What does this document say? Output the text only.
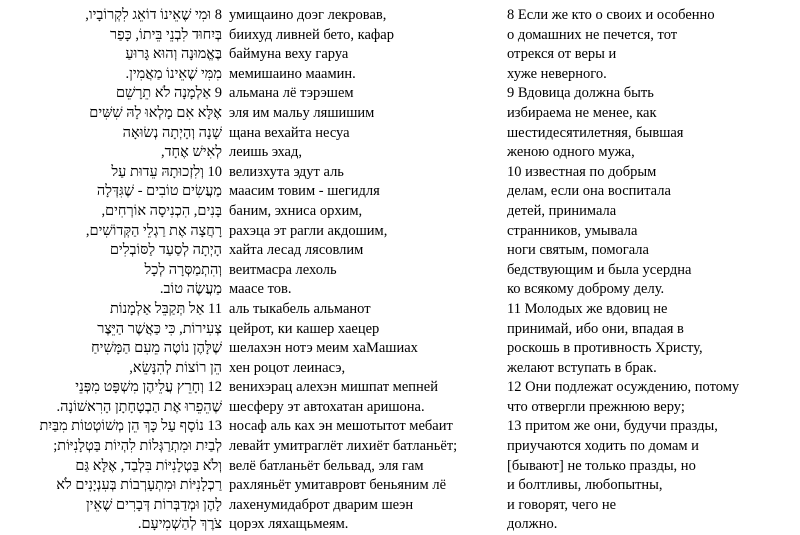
8 וּמִי שֶׁאֵינוֹ דוֹאֵג לִקְרוֹבָיו,
בְּיִחוּד לִבְנֵי בֵּיתוֹ, כָּפַר
בֶּאֱמוּנָה וְהוּא גָּרוּעַ
מִמִּי שֶׁאֵינוֹ מַאֲמִין.
9 אַלְמָנָה לֹא תֵרָשֵׁם
אֶלָּא אִם מָלְאוּ לָהּ שִׁשִּׁים
שָׁנָה וְהָיְתָה נְשׂוּאָה
לְאִישׁ אֶחָד,
10 וְלִזְכוּתָהּ עֵדוּת עַל
מַעֲשִׂים טוֹבִים - שֶׁגִּדְּלָה
בָּנִים, הִכְנִיסָה אוֹרְחִים,
רָחֲצָה אֶת רַגְלֵי הַקְּדוֹשִׁים,
הָיְתָה לְסַעַד לַסּוֹבְלִים
וְהִתְמַסְּרָה לְכָל
מַעֲשֶׂה טוֹב.
11 אַל תְּקַבֵּל אַלְמָנוֹת
צְעִירוֹת, כִּי כַּאֲשֶׁר הַיֵּצֶר
שֶׁלָּהֶן נוֹטֶה מֵעִם הַמָּשִׁיחַ
הֵן רוֹצוֹת לְהִנָּשֵׂא,
12 וְחָרֵץ עֲלֵיהֶן מִשְׁפָּט מִפְּנֵי
שֶׁהֵפֵרוּ אֶת הַבְטָחָתָן הָרִאשׁוֹנָה.
13 נוֹסָף עַל כָּךְ הֵן מְשׁוֹטְטוֹת מִבַּיִת
לְבַיִת וּמִתְרַגְּלוֹת לִהְיוֹת בַּטְלָנִיּוֹת;
וְלֹא בַּטְלָנִיּוֹת בִּלְבַד, אֶלָּא גַּם
רַכְלָנִיּוֹת וּמִתְעָרְבוֹת בְּעִנְיָנִים לֹא
לָהֶן וּמְדַבְּרוֹת דְּבָרִים שֶׁאֵין
צֹרֶךְ לְהַשְׁמִיעָם.
умищаино доэг лекровав,
биихуд ливней бето, кафар
баймуна веху гаруа
мемишаино маамин.
альмана лё тэрэшем
эля им мальу ляшишим
щана вехайта несуа
леишь эхад,
велизхута эдут аль
маасим товим - шегидля
баним, эхниса орхим,
рахэца эт рагли акдошим,
хайта лесад лясовлим
веитмасра лехоль
маасе тов.
аль тыкабель альманот
цейрот, ки кашер хаецер
шелахэн нотэ меим хаМашиах
хен роцот леинасэ,
венихэрац алехэн мишпат мепней
шесферу эт автохатан аришона.
носаф аль ках эн мешотытот мебаит
левайт умитраглёт лихиёт батланьёт;
велё батланьёт бельвад, эля гам
рахляньёт умитавровт беньяним лё
лахенумидаброт дварим шеэн
цорэх ляхащьмеям.
8 Если же кто о своих и особенно
о домашних не печется, тот
отрекся от веры и
хуже неверного.
9 Вдовица должна быть
избираема не менее, как
шестидесятилетняя, бывшая
женою одного мужа,
10 известная по добрым
делам, если она воспитала
детей, принимала
странников, умывала
ноги святым, помогала
бедствующим и была усердна
ко всякому доброму делу.
11 Молодых же вдовиц не
принимай, ибо они, впадая в
роскошь в противность Христу,
желают вступать в брак.
12 Они подлежат осуждению, потому
что отвергли прежнюю веру;
13 притом же они, будучи празды,
приучаются ходить по домам и
[бывают] не только празды, но
и болтливы, любопытны,
и говорят, чего не
должно.
